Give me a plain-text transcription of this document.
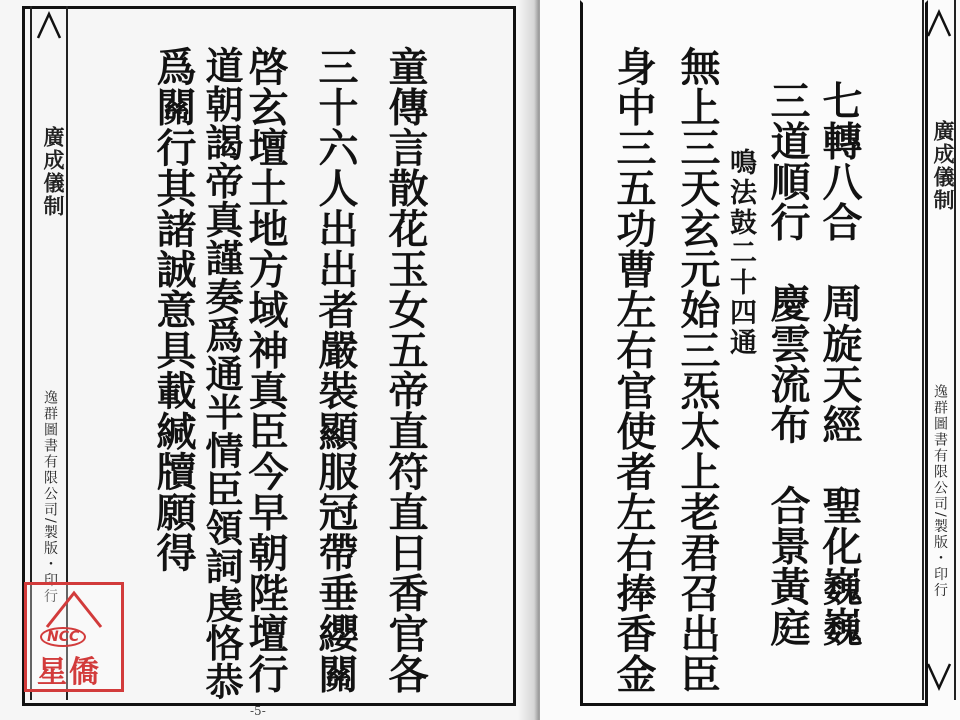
廣成儀制
逸群圖書有限公司/製版・印行	童傳言散花玉女五帝直符直日香官各
三十六人出出者嚴裝顯服冠帶垂纓關
啓玄壇土地方域神真臣今早朝陛壇行
道朝謁帝真謹奏爲通半情臣領詞虔恪恭
爲關行其諸誠意具載緘牘願得
-5-
NCC
星僑
廣成儀制
逸群圖書有限公司/製版・印行
七轉八合　周旋天經　聖化巍巍
三道順行　慶雲流布　合景黃庭
鳴法鼓二十四通
無上三天玄元始三炁太上老君召出臣
身中三五功曹左右官使者左右捧香金
